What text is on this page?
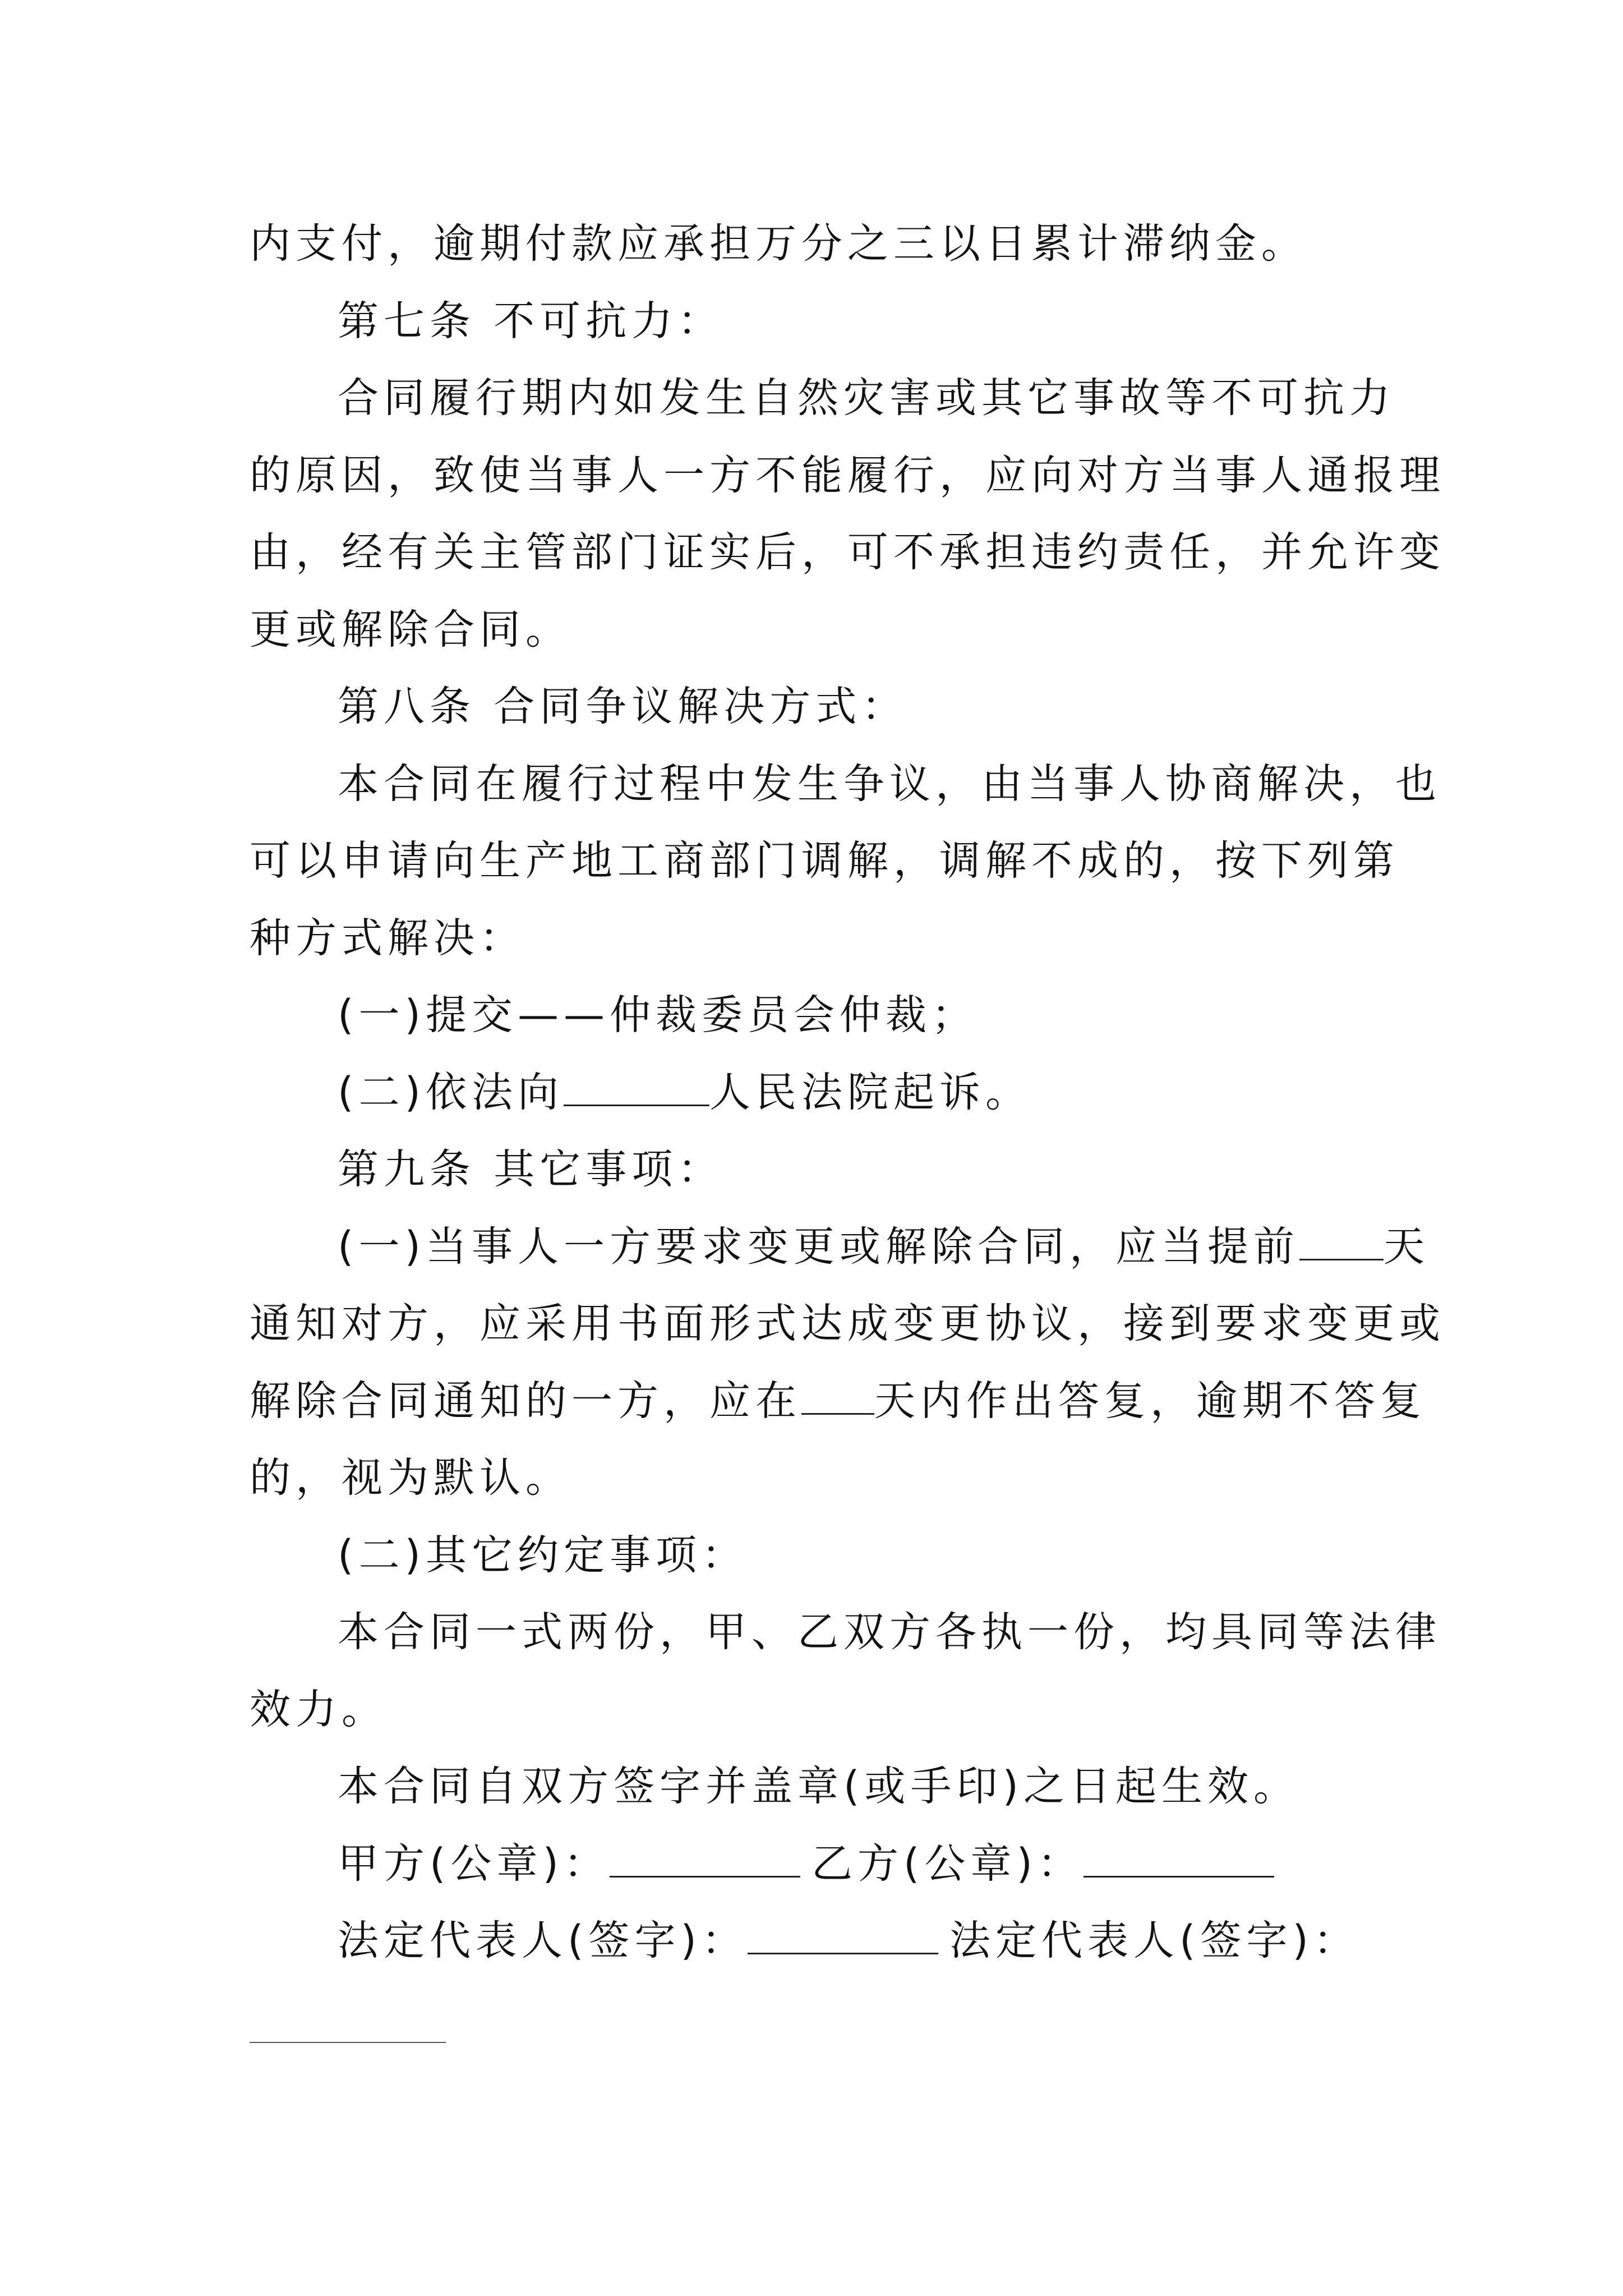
内支付，逾期付款应承担万分之三以日累计滞纳金。
第七条 不可抗力：
合同履行期内如发生自然灾害或其它事故等不可抗力
的原因，致使当事人一方不能履行，应向对方当事人通报理
由，经有关主管部门证实后，可不承担违约责任，并允许变
更或解除合同。
第八条 合同争议解决方式：
本合同在履行过程中发生争议，由当事人协商解决，也
可以申请向生产地工商部门调解，调解不成的，按下列第
种方式解决：
(一)提交——仲裁委员会仲裁；
(二)依法向	人民法院起诉。
第九条 其它事项：
(一)当事人一方要求变更或解除合同，应当提前 天
通知对方，应采用书面形式达成变更协议，接到要求变更或
解除合同通知的一方，应在 天内作出答复，逾期不答复
的，视为默认。
(二)其它约定事项：
本合同一式两份，甲、乙双方各执一份，均具同等法律
效力。
本合同自双方签字并盖章(或手印)之日起生效。
甲方(公章)：	乙方(公章)：
法定代表人(签字)：	法定代表人(签字)：
